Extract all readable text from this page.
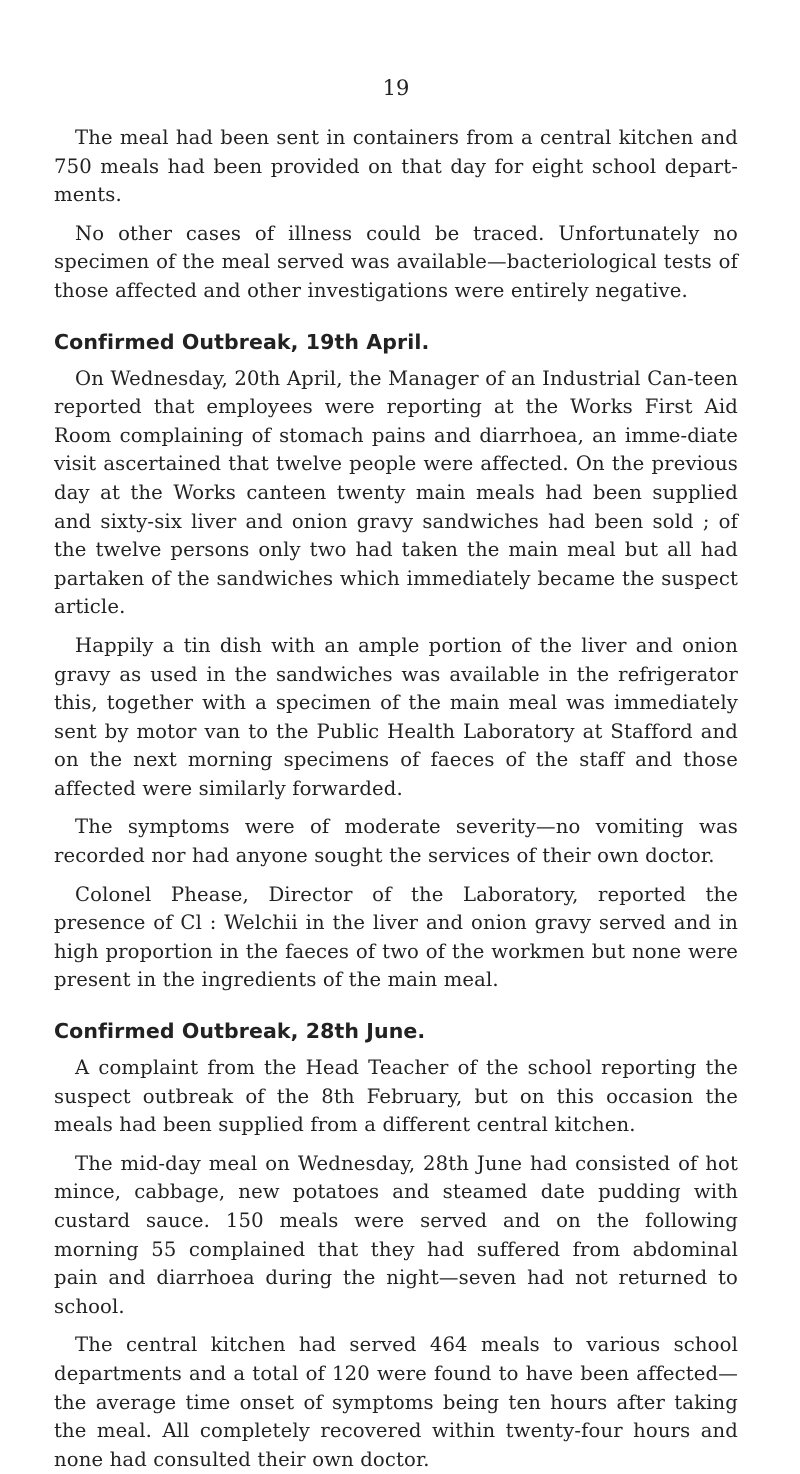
19

The meal had been sent in containers from a central kitchen and 750 meals had been provided on that day for eight school depart-ments.

No other cases of illness could be traced. Unfortunately no specimen of the meal served was available—bacteriological tests of those affected and other investigations were entirely negative.

Confirmed Outbreak, 19th April.

On Wednesday, 20th April, the Manager of an Industrial Can-teen reported that employees were reporting at the Works First Aid Room complaining of stomach pains and diarrhoea, an imme-diate visit ascertained that twelve people were affected. On the previous day at the Works canteen twenty main meals had been supplied and sixty-six liver and onion gravy sandwiches had been sold ; of the twelve persons only two had taken the main meal but all had partaken of the sandwiches which immediately became the suspect article.

Happily a tin dish with an ample portion of the liver and onion gravy as used in the sandwiches was available in the refrigerator this, together with a specimen of the main meal was immediately sent by motor van to the Public Health Laboratory at Stafford and on the next morning specimens of faeces of the staff and those affected were similarly forwarded.

The symptoms were of moderate severity—no vomiting was recorded nor had anyone sought the services of their own doctor.

Colonel Phease, Director of the Laboratory, reported the presence of Cl : Welchii in the liver and onion gravy served and in high proportion in the faeces of two of the workmen but none were present in the ingredients of the main meal.

Confirmed Outbreak, 28th June.

A complaint from the Head Teacher of the school reporting the suspect outbreak of the 8th February, but on this occasion the meals had been supplied from a different central kitchen.

The mid-day meal on Wednesday, 28th June had consisted of hot mince, cabbage, new potatoes and steamed date pudding with custard sauce. 150 meals were served and on the following morning 55 complained that they had suffered from abdominal pain and diarrhoea during the night—seven had not returned to school.

The central kitchen had served 464 meals to various school departments and a total of 120 were found to have been affected—the average time onset of symptoms being ten hours after taking the meal. All completely recovered within twenty-four hours and none had consulted their own doctor.
